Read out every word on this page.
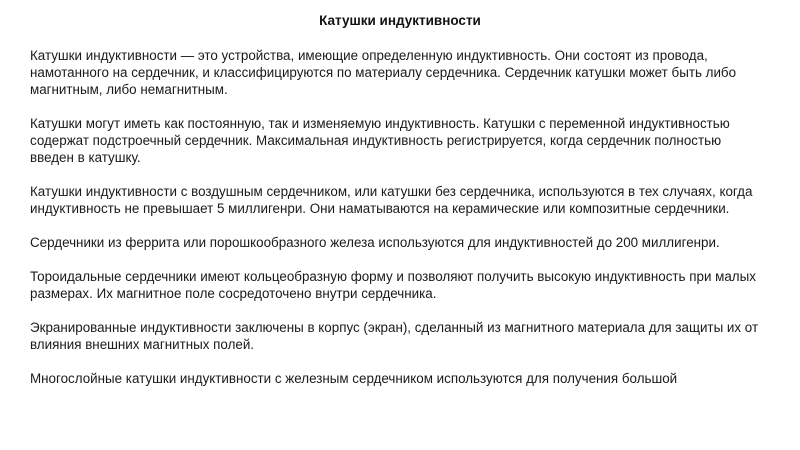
Катушки индуктивности

Катушки индуктивности — это устройства, имеющие определенную индуктивность. Они состоят из провода, намотанного на сердечник, и классифицируются по материалу сердечника. Сердечник катушки может быть либо магнитным, либо немагнитным.

Катушки могут иметь как постоянную, так и изменяемую индуктивность. Катушки с переменной индуктивностью содержат подстроечный сердечник. Максимальная индуктивность регистрируется, когда сердечник полностью введен в катушку.

Катушки индуктивности с воздушным сердечником, или катушки без сердечника, используются в тех случаях, когда индуктивность не превышает 5 миллигенри. Они наматываются на керамические или композитные сердечники.

Сердечники из феррита или порошкообразного железа используются для индуктивностей до 200 миллигенри.

Тороидальные сердечники имеют кольцеобразную форму и позволяют получить высокую индуктивность при малых размерах. Их магнитное поле сосредоточено внутри сердечника.

Экранированные индуктивности заключены в корпус (экран), сделанный из магнитного материала для защиты их от влияния внешних магнитных полей.

Многослойные катушки индуктивности с железным сердечником используются для получения большой
